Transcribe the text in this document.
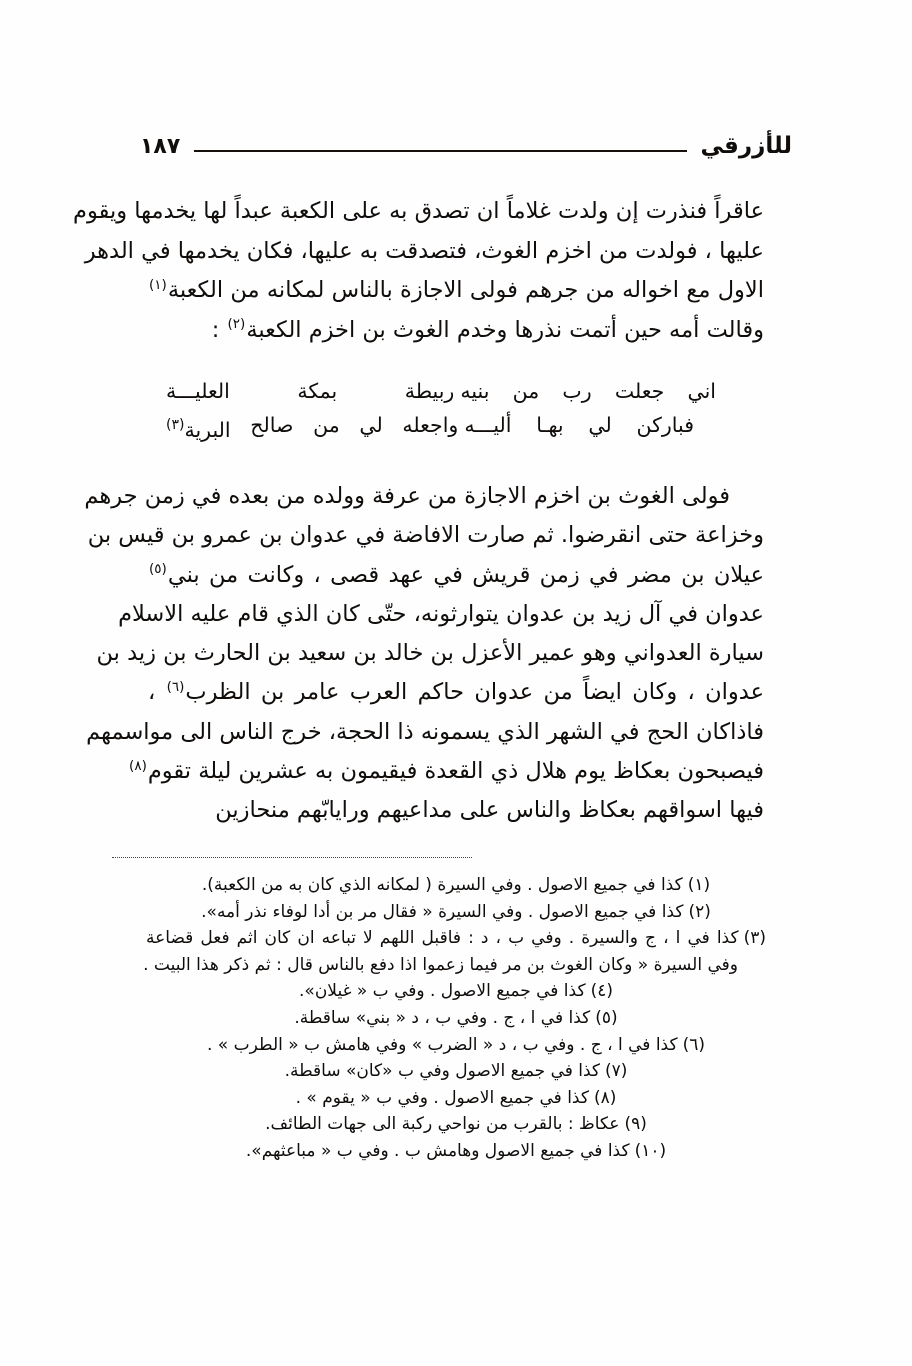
للأزرقي
١٨٧
عاقراً فنذرت إن ولدت غلاماً ان تصدق به على الكعبة عبداً لها يخدمها ويقوم
عليها ، فولدت من اخزم الغوث، فتصدقت به عليها، فكان يخدمها في الدهر
الاول مع اخواله من جرهم فولى الاجازة بالناس لمكانه من الكعبة$^{(١)}$
وقالت أمه حين أتمت نذرها وخدم الغوث بن اخزم الكعبة$^{(٢)}$ :
اني
جعلت
رب
من
بنيه
ربيطة
بمكة
العليـــة
فباركن
لي
بهـا
أليـــه
واجعله
لي
من
صالح
البرية$^{(٣)}$
فولى الغوث بن اخزم الاجازة من عرفة وولده من بعده في زمن جرهم
وخزاعة حتى انقرضوا. ثم صارت الافاضة في عدوان بن عمرو بن قيس بن
عيلان بن مضر في زمن قريش في عهد قصى ، وكانت من بني$^{(٥)}$
عدوان في آل زيد بن عدوان يتوارثونه، حتّى كان الذي قام عليه الاسلام
سيارة العدواني وهو عمير الأعزل بن خالد بن سعيد بن الحارث بن زيد بن
عدوان ، وكان ايضاً من عدوان حاكم العرب عامر بن الظرب$^{(٦)}$ ،
فاذاكان الحج في الشهر الذي يسمونه ذا الحجة، خرج الناس الى مواسمهم
فيصبحون بعكاظ يوم هلال ذي القعدة فيقيمون به عشرين ليلة تقوم$^{(٨)}$
فيها اسواقهم بعكاظ والناس على مداعيهم ورايابّهم منحازين
(١)كذا في جميع الاصول . وفي السيرة ( لمكانه الذي كان به من الكعبة).
(٢)كذا في جميع الاصول . وفي السيرة « فقال مر بن أدا لوفاء نذر أمه».
(٣)كذا في ا ، ج والسيرة . وفي ب ، د : فاقبل اللهم لا تباعه ان كان اثم فعل قضاعة
وفي السيرة « وكان الغوث بن مر فيما زعموا اذا دفع بالناس قال : ثم ذكر هذا البيت .
(٤)كذا في جميع الاصول . وفي ب « غيلان».
(٥)كذا في ا ، ج . وفي ب ، د « بني» ساقطة.
(٦)كذا في ا ، ج . وفي ب ، د « الضرب » وفي هامش ب « الطرب » .
(٧)كذا في جميع الاصول وفي ب «كان» ساقطة.
(٨)كذا في جميع الاصول . وفي ب « يقوم » .
(٩)عكاظ : بالقرب من نواحي ركبة الى جهات الطائف.
(١٠)كذا في جميع الاصول وهامش ب . وفي ب « مباعثهم».
